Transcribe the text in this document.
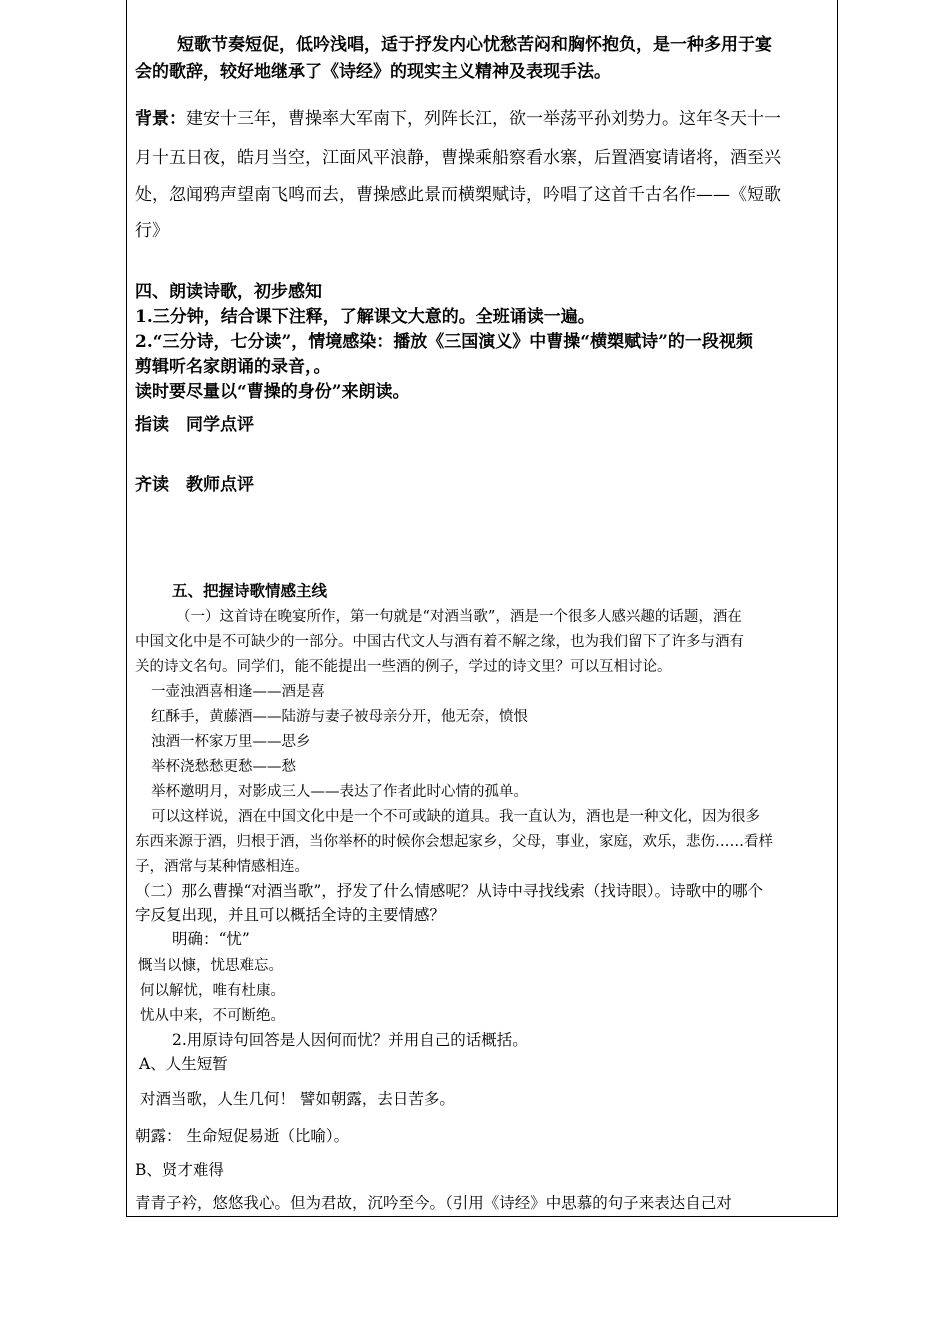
短歌节奏短促，低吟浅唱，适于抒发内心忧愁苦闷和胸怀抱负，是一种多用于宴
会的歌辞，较好地继承了《诗经》的现实主义精神及表现手法。
背景：建安十三年，曹操率大军南下，列阵长江，欲一举荡平孙刘势力。这年冬天十一
月十五日夜，皓月当空，江面风平浪静，曹操乘船察看水寨，后置酒宴请诸将，酒至兴
处，忽闻鸦声望南飞鸣而去，曹操感此景而横槊赋诗，吟唱了这首千古名作——《短歌
行》
四、朗读诗歌，初步感知
1.三分钟，结合课下注释，了解课文大意的。全班诵读一遍。
2.“三分诗，七分读”，情境感染：播放《三国演义》中曹操“横槊赋诗”的一段视频
剪辑听名家朗诵的录音，。
读时要尽量以“曹操的身份”来朗读。
指读　同学点评
齐读　教师点评
五、把握诗歌情感主线
（一）这首诗在晚宴所作，第一句就是“对酒当歌”，酒是一个很多人感兴趣的话题，酒在
中国文化中是不可缺少的一部分。中国古代文人与酒有着不解之缘，也为我们留下了许多与酒有
关的诗文名句。同学们，能不能提出一些酒的例子，学过的诗文里？可以互相讨论。
一壶浊酒喜相逢——酒是喜
红酥手，黄藤酒——陆游与妻子被母亲分开，他无奈，愤恨
浊酒一杯家万里——思乡
举杯浇愁愁更愁——愁
举杯邀明月，对影成三人——表达了作者此时心情的孤单。
可以这样说，酒在中国文化中是一个不可或缺的道具。我一直认为，酒也是一种文化，因为很多
东西来源于酒，归根于酒，当你举杯的时候你会想起家乡，父母，事业，家庭，欢乐，悲伤……看样
子，酒常与某种情感相连。
（二）那么曹操“对酒当歌”，抒发了什么情感呢？从诗中寻找线索（找诗眼）。诗歌中的哪个
字反复出现，并且可以概括全诗的主要情感？
明确：“忧”
慨当以慷，忧思难忘。
何以解忧，唯有杜康。
忧从中来，不可断绝。
2.用原诗句回答是人因何而忧？并用自己的话概括。
A、人生短暂
对酒当歌，人生几何！ 譬如朝露，去日苦多。
朝露： 生命短促易逝（比喻）。
B、贤才难得
青青子衿，悠悠我心。但为君故，沉吟至今。（引用《诗经》中思慕的句子来表达自己对
